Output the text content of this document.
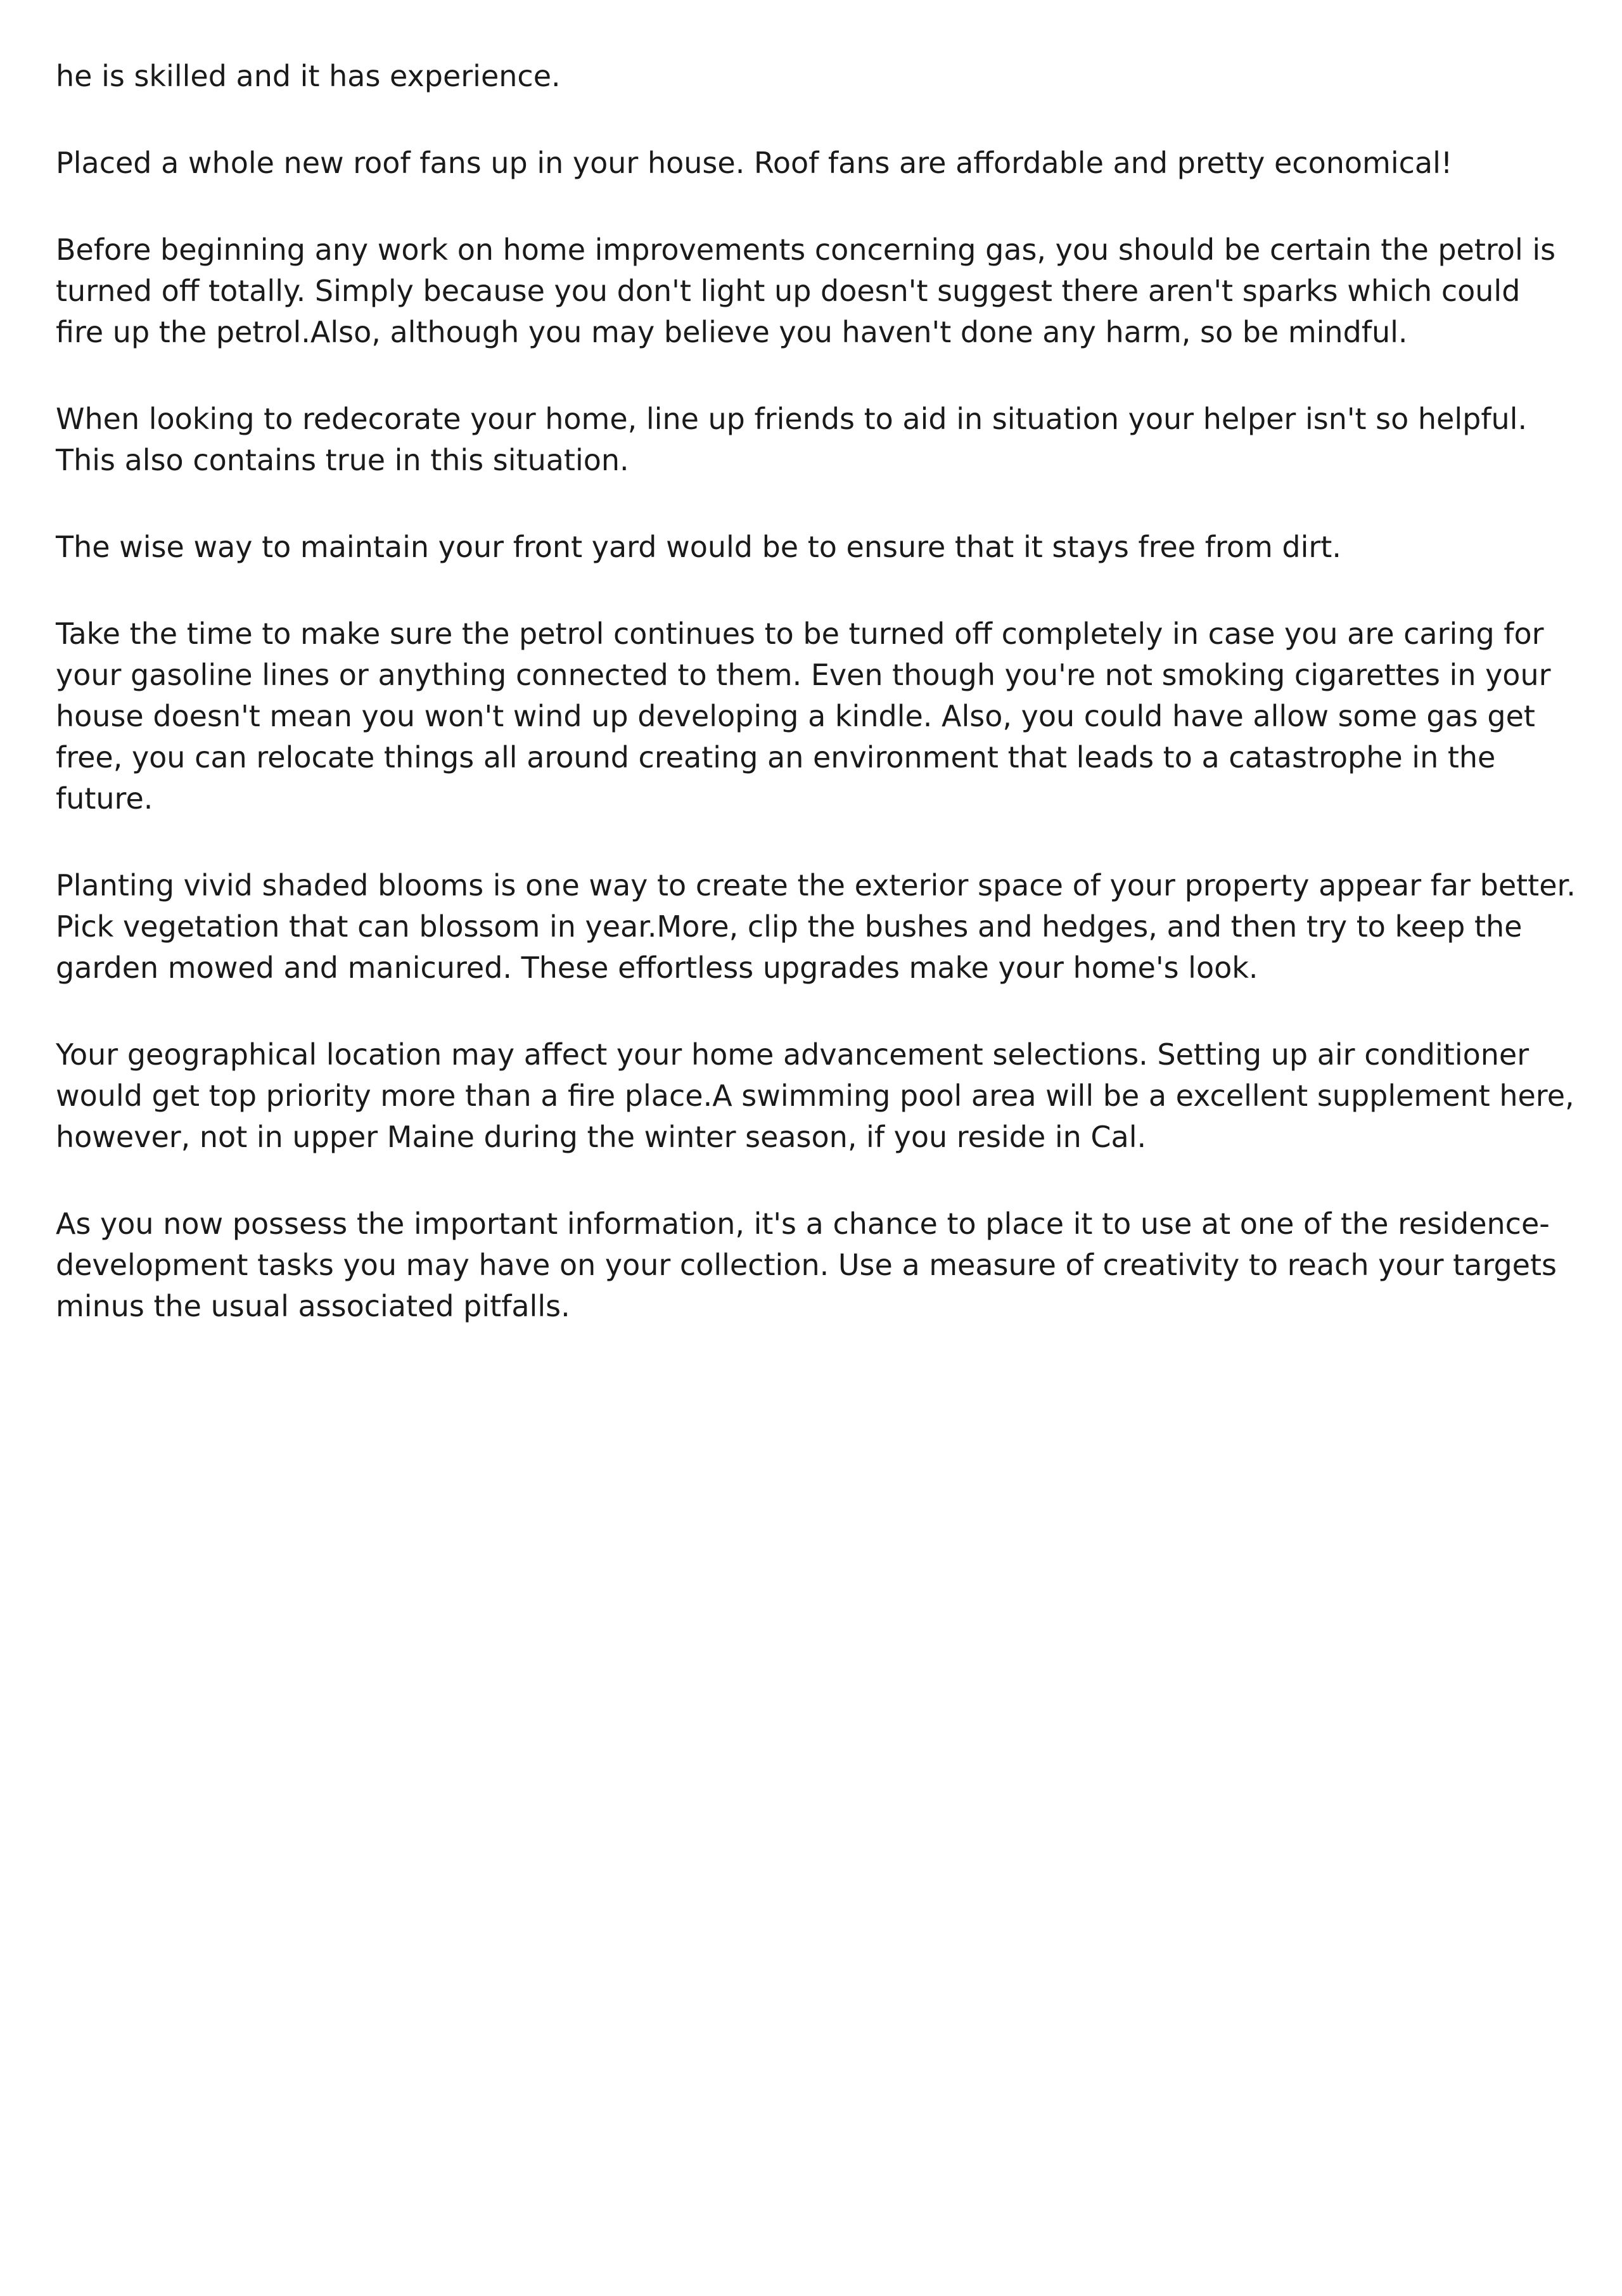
he is skilled and it has experience.

Placed a whole new roof fans up in your house. Roof fans are affordable and pretty economical!

Before beginning any work on home improvements concerning gas, you should be certain the petrol is turned off totally. Simply because you don't light up doesn't suggest there aren't sparks which could fire up the petrol.Also, although you may believe you haven't done any harm, so be mindful.

When looking to redecorate your home, line up friends to aid in situation your helper isn't so helpful. This also contains true in this situation.

The wise way to maintain your front yard would be to ensure that it stays free from dirt.

Take the time to make sure the petrol continues to be turned off completely in case you are caring for your gasoline lines or anything connected to them. Even though you're not smoking cigarettes in your house doesn't mean you won't wind up developing a kindle. Also, you could have allow some gas get free, you can relocate things all around creating an environment that leads to a catastrophe in the future.

Planting vivid shaded blooms is one way to create the exterior space of your property appear far better. Pick vegetation that can blossom in year.More, clip the bushes and hedges, and then try to keep the garden mowed and manicured. These effortless upgrades make your home's look.

Your geographical location may affect your home advancement selections. Setting up air conditioner would get top priority more than a fire place.A swimming pool area will be a excellent supplement here, however, not in upper Maine during the winter season, if you reside in Cal.

As you now possess the important information, it's a chance to place it to use at one of the residence-development tasks you may have on your collection. Use a measure of creativity to reach your targets minus the usual associated pitfalls.
